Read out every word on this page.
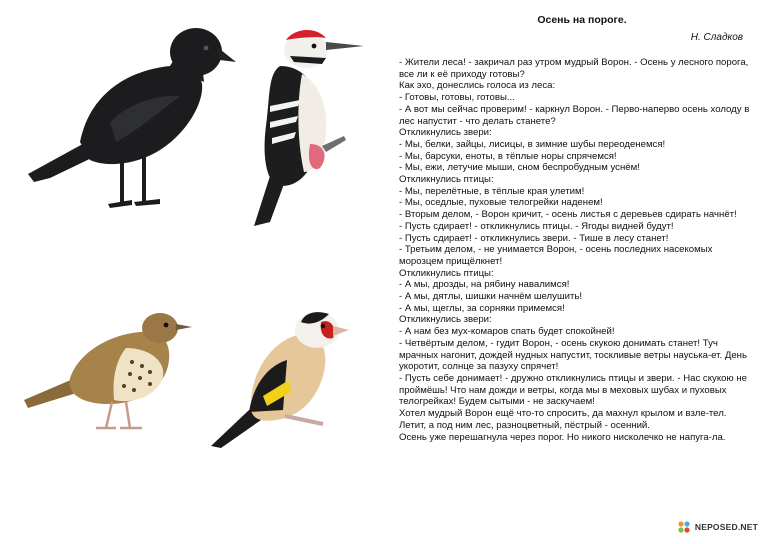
Осень на пороге.
Н. Сладков
- Жители леса! - закричал раз утром мудрый Ворон. - Осень у лесного порога, все ли к её приходу готовы?
Как эхо, донеслись голоса из леса:
- Готовы, готовы, готовы...
- А вот мы сейчас проверим! - каркнул Ворон. - Перво-наперво осень холоду в лес напустит - что делать станете?
Откликнулись звери:
- Мы, белки, зайцы, лисицы, в зимние шубы переоденемся!
- Мы, барсуки, еноты, в тёплые норы спрячемся!
- Мы, ежи, летучие мыши, сном беспробудным уснём!
Откликнулись птицы:
- Мы, перелётные, в тёплые края улетим!
- Мы, оседлые, пуховые телогрейки наденем!
- Вторым делом, - Ворон кричит, - осень листья с деревьев сдирать начнёт!
- Пусть сдирает! - откликнулись птицы. - Ягоды видней будут!
- Пусть сдирает! - откликнулись звери. - Тише в лесу станет!
- Третьим делом, - не унимается Ворон, - осень последних насекомых морозцем прищёлкнет!
Откликнулись птицы:
- А мы, дрозды, на рябину навалимся!
- А мы, дятлы, шишки начнём шелушить!
- А мы, щеглы, за сорняки примемся!
Откликнулись звери:
- А нам без мух-комаров спать будет спокойней!
- Четвёртым делом, - гудит Ворон, - осень скукою донимать станет! Туч мрачных нагонит, дождей нудных напустит, тоскливые ветры науська-ет. День укоротит, солнце за пазуху спрячет!
- Пусть себе донимает! - дружно откликнулись птицы и звери. - Нас скукою не проймёшь! Что нам дожди и ветры, когда мы в меховых шубах и пуховых телогрейках! Будем сытыми - не заскучаем!
Хотел мудрый Ворон ещё что-то спросить, да махнул крылом и взле-тел.
Летит, а под ним лес, разноцветный, пёстрый - осенний.
Осень уже перешагнула через порог. Но никого нисколечко не напуга-ла.
NEPOSED.NET
